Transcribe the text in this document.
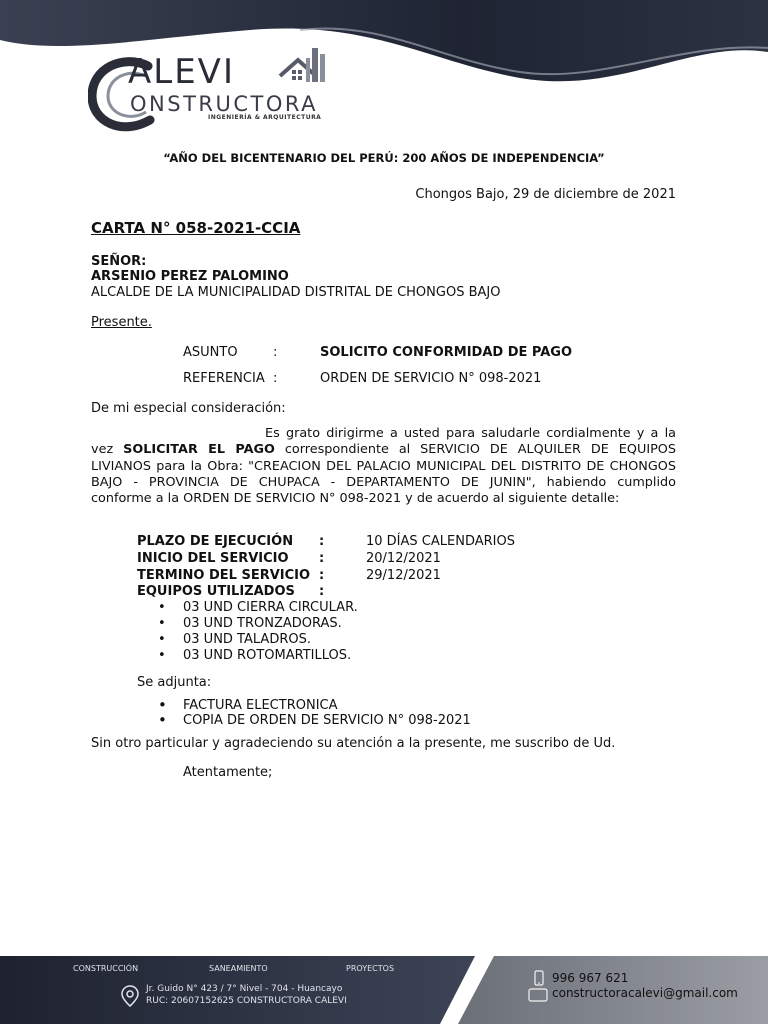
ALEVI
ONSTRUCTORA
INGENIERÍA & ARQUITECTURA
“AÑO DEL BICENTENARIO DEL PERÚ: 200 AÑOS DE INDEPENDENCIA”
Chongos Bajo, 29 de diciembre de 2021
CARTA N° 058-2021-CCIA
SEÑOR:
ARSENIO PEREZ PALOMINO
ALCALDE DE LA MUNICIPALIDAD DISTRITAL DE CHONGOS BAJO
Presente.
ASUNTO	:	SOLICITO CONFORMIDAD DE PAGO
REFERENCIA :	ORDEN DE SERVICIO N° 098-2021
De mi especial consideración:
Es grato dirigirme a usted para saludarle cordialmente y a la
vez SOLICITAR EL PAGO correspondiente al SERVICIO DE ALQUILER DE EQUIPOS
LIVIANOS para la Obra: "CREACION DEL PALACIO MUNICIPAL DEL DISTRITO DE CHONGOS
BAJO - PROVINCIA DE CHUPACA - DEPARTAMENTO DE JUNIN", habiendo cumplido
conforme a la ORDEN DE SERVICIO N° 098-2021 y de acuerdo al siguiente detalle:
PLAZO DE EJECUCIÓN :	10 DÍAS CALENDARIOS
INICIO DEL SERVICIO :	20/12/2021
TERMINO DEL SERVICIO :	29/12/2021
EQUIPOS UTILIZADOS :
• 03 UND CIERRA CIRCULAR.
• 03 UND TRONZADORAS.
• 03 UND TALADROS.
• 03 UND ROTOMARTILLOS.
Se adjunta:
• FACTURA ELECTRONICA
• COPIA DE ORDEN DE SERVICIO N° 098-2021
Sin otro particular y agradeciendo su atención a la presente, me suscribo de Ud.
Atentamente;
CONSTRUCCIÓN	SANEAMIENTO	PROYECTOS
Jr. Guido N° 423 / 7° Nivel - 704 - Huancayo
RUC: 20607152625 CONSTRUCTORA CALEVI
996 967 621
constructoracalevi@gmail.com
